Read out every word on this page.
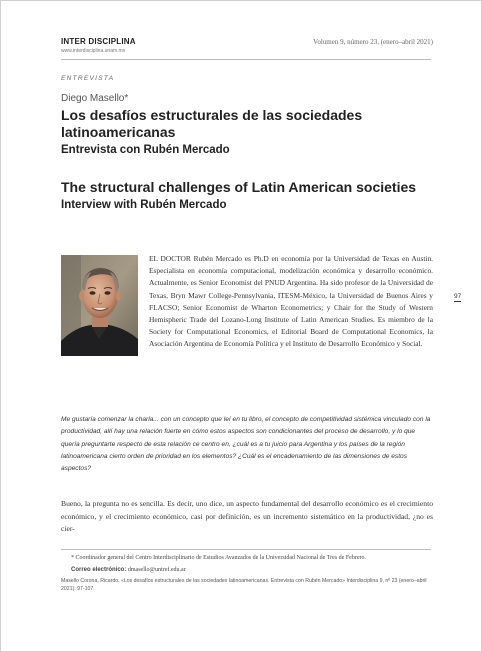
INTER DISCIPLINA
www.interdisciplina.unam.mx
Volumen 9, número 23, (enero–abril 2021)
ENTREVISTA
Diego Masello*
Los desafíos estructurales de las sociedades latinoamericanas
Entrevista con Rubén Mercado
The structural challenges of Latin American societies
Interview with Rubén Mercado
EL DOCTOR Rubén Mercado es Ph.D en economía por la Universidad de Texas en Austin. Especialista en economía computacional, modelización económica y desarrollo económico. Actualmente, es Senior Economist del PNUD Argentina. Ha sido profesor de la Universidad de Texas, Bryn Mawr College-Pennsylvania, ITESM-México, la Universidad de Buenos Aires y FLACSO; Senior Economist de Wharton Econometrics; y Chair for the Study of Western Hemispheric Trade del Lozano-Long Institute of Latin American Studies. Es miembro de la Society for Computational Economics, el Editorial Board de Computational Economics, la Asociación Argentina de Economía Política y el Instituto de Desarrollo Económico y Social.
97
Me gustaría comenzar la charla... con un concepto que leí en tu libro, el concepto de competitividad sistémica vinculado con la productividad, allí hay una relación fuerte en cómo estos aspectos son condicionantes del proceso de desarrollo, y lo que quería preguntarte respecto de esta relación ce centro en, ¿cuál es a tu juicio para Argentina y los países de la región latinoamericana cierto orden de prioridad en los elementos? ¿Cuál es el encadenamiento de las dimensiones de estos aspectos?
Bueno, la pregunta no es sencilla. Es decir, uno dice, un aspecto fundamental del desarrollo económico es el crecimiento económico, y el crecimiento económico, casi por definición, es un incremento sistemático en la productividad, ¿no es cier-
* Coordinador general del Centro Interdisciplinario de Estudios Avanzados de la Universidad Nacional de Tres de Febrero.
Correo electrónico: dmasello@untref.edu.ar
Masello Corona, Ricardo. «Los desafíos estructurales de las sociedades latinoamericanas. Entrevista con Rubén Mercado» Interdisciplina 9, nº 23 (enero–abril 2021): 97-107.
